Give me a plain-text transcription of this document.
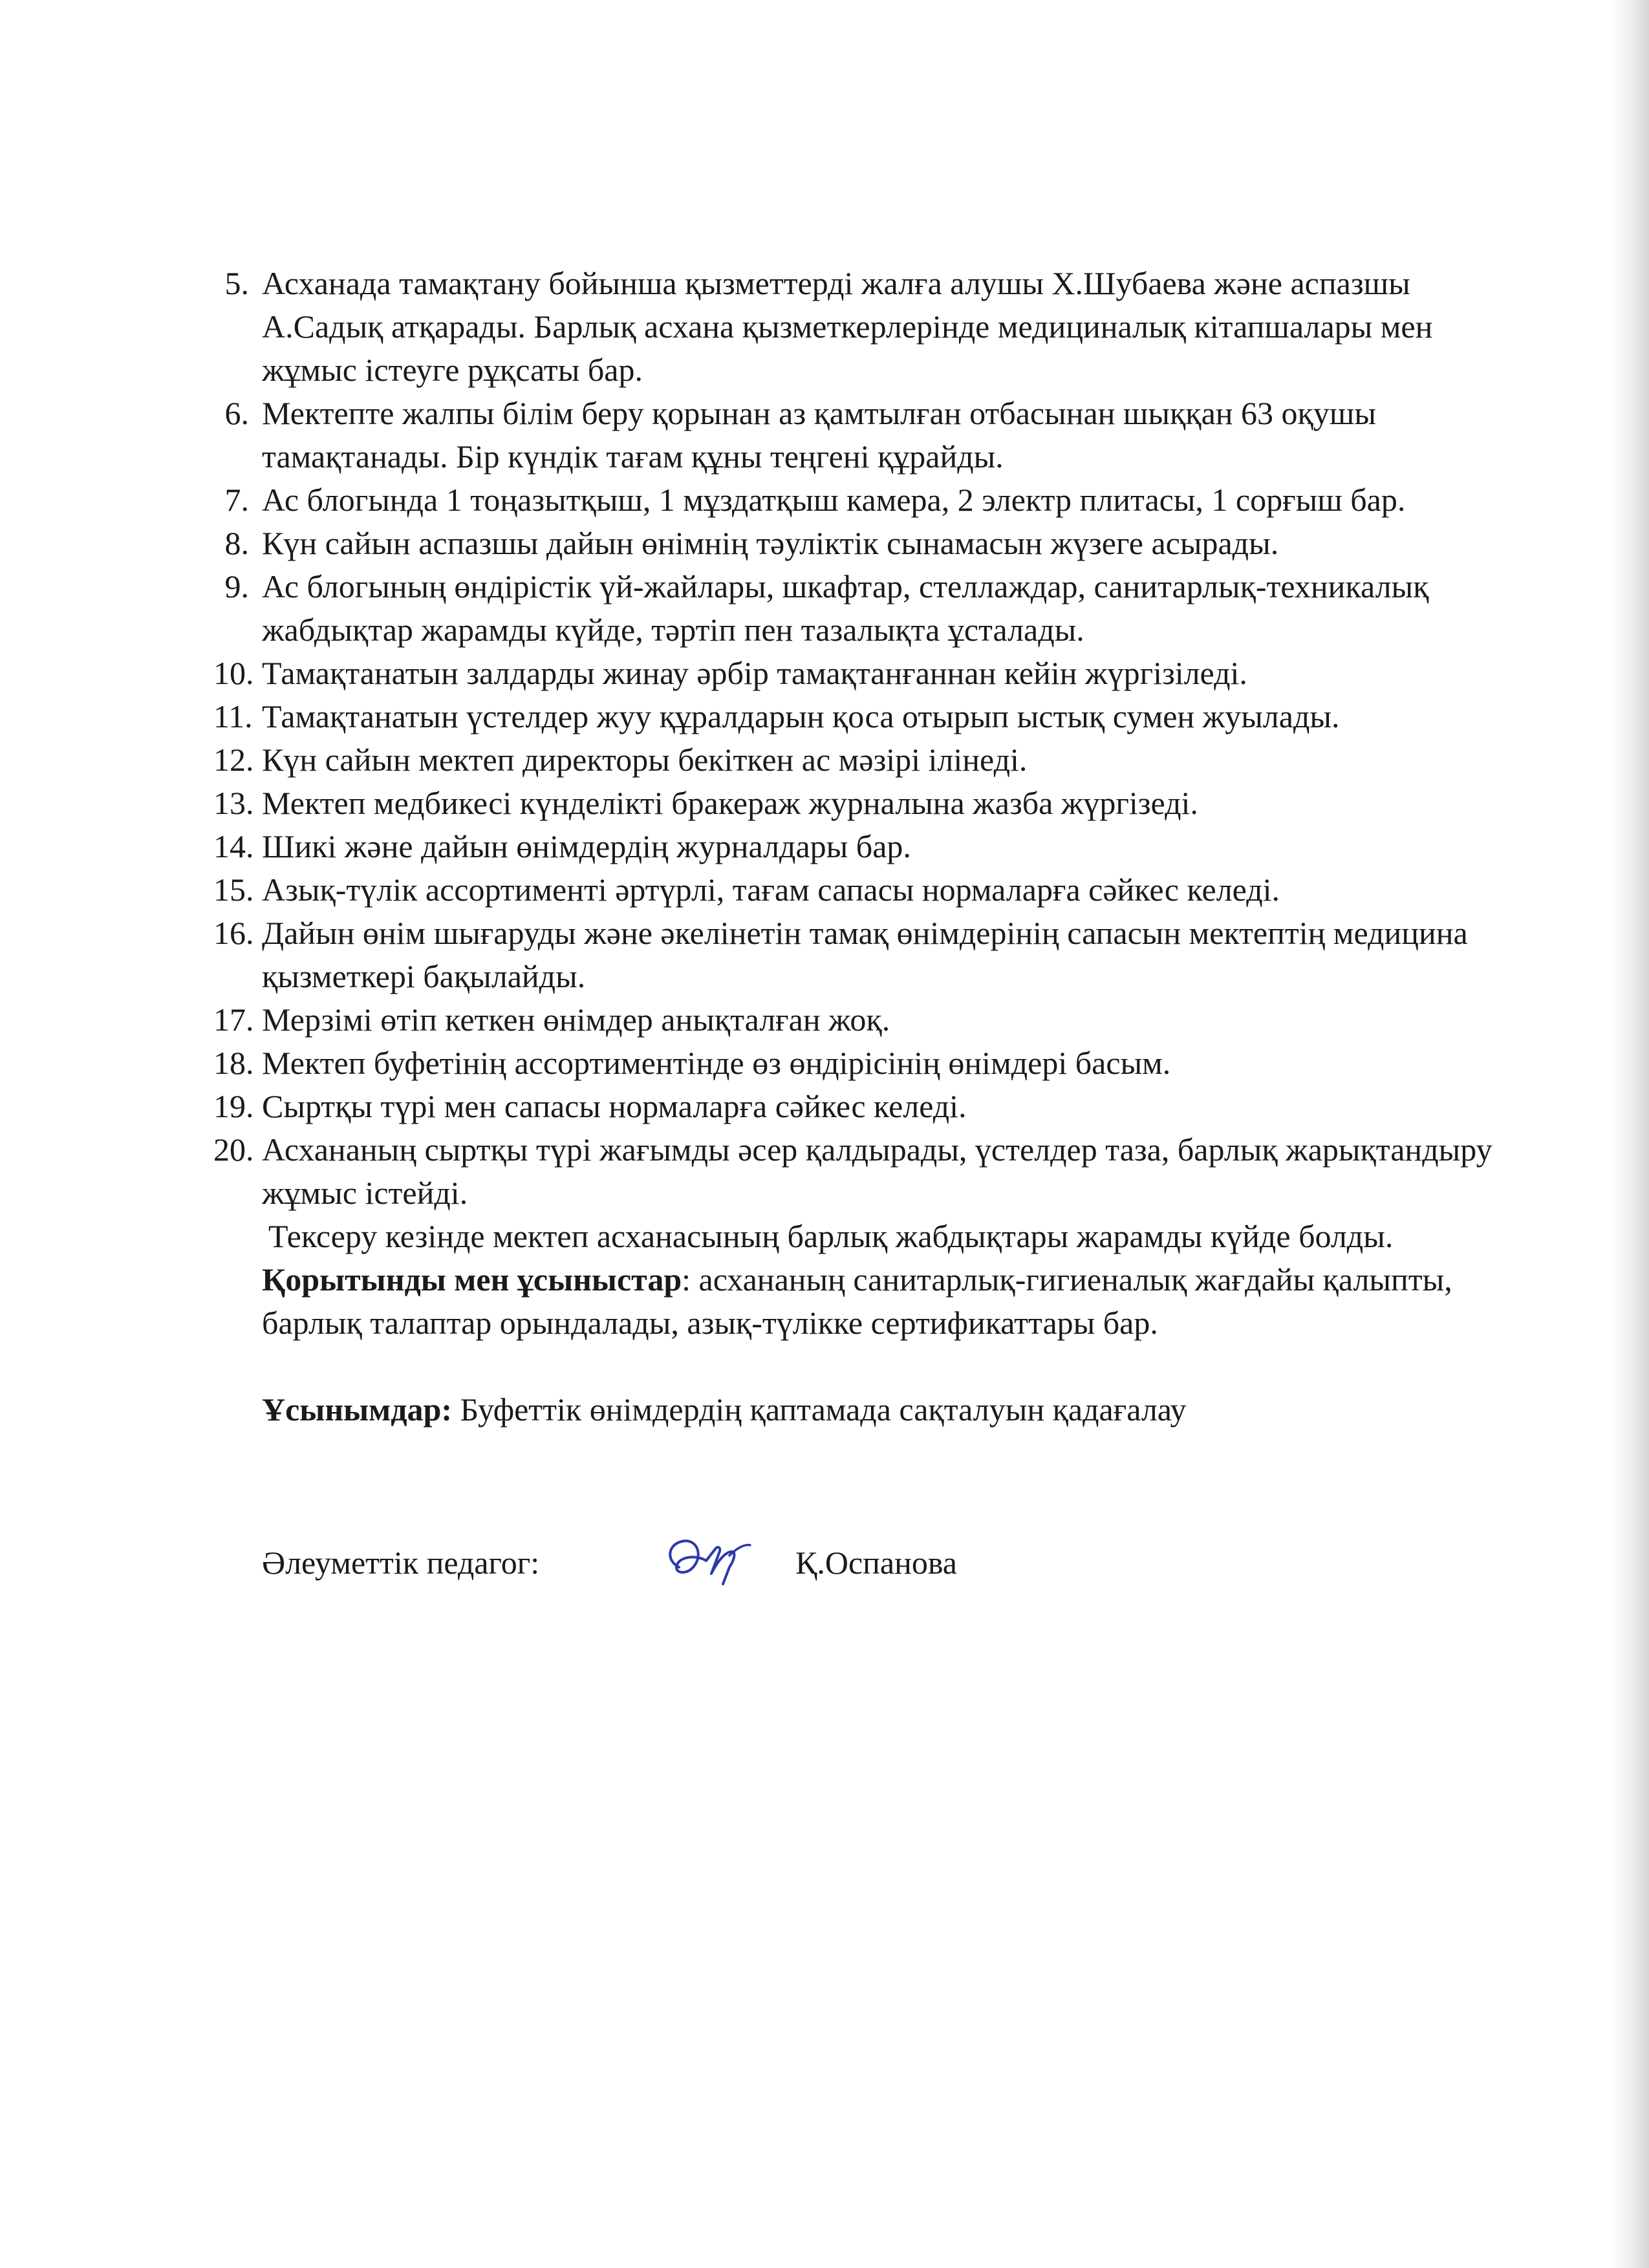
5. Асханада тамақтану бойынша қызметтерді жалға алушы Х.Шубаева және аспазшы А.Садық атқарады. Барлық асхана қызметкерлерінде медициналық кітапшалары мен жұмыс істеуге рұқсаты бар.

6. Мектепте жалпы білім беру қорынан аз қамтылған отбасынан шыққан 63 оқушы тамақтанады. Бір күндік тағам құны теңгені құрайды.

7. Ас блогында 1 тоңазытқыш, 1 мұздатқыш камера, 2 электр плитасы, 1 сорғыш бар.

8. Күн сайын аспазшы дайын өнімнің тәуліктік сынамасын жүзеге асырады.

9. Ас блогының өндірістік үй-жайлары, шкафтар, стеллаждар, санитарлық-техникалық жабдықтар жарамды күйде, тәртіп пен тазалықта ұсталады.

10. Тамақтанатын залдарды жинау әрбір тамақтанғаннан кейін жүргізіледі.

11. Тамақтанатын үстелдер жуу құралдарын қоса отырып ыстық сумен жуылады.

12. Күн сайын мектеп директоры бекіткен ас мәзірі ілінеді.

13. Мектеп медбикесі күнделікті бракераж журналына жазба жүргізеді.

14. Шикі және дайын өнімдердің журналдары бар.

15. Азық-түлік ассортименті әртүрлі, тағам сапасы нормаларға сәйкес келеді.

16. Дайын өнім шығаруды және әкелінетін тамақ өнімдерінің сапасын мектептің медицина қызметкері бақылайды.

17. Мерзімі өтіп кеткен өнімдер анықталған жоқ.

18. Мектеп буфетінің ассортиментінде өз өндірісінің өнімдері басым.

19. Сыртқы түрі мен сапасы нормаларға сәйкес келеді.

20. Асхананың сыртқы түрі жағымды әсер қалдырады, үстелдер таза, барлық жарықтандыру жұмыс істейді.

Тексеру кезінде мектеп асханасының барлық жабдықтары жарамды күйде болды.

Қорытынды мен ұсыныстар: асхананың санитарлық-гигиеналық жағдайы қалыпты, барлық талаптар орындалады, азық-түлікке сертификаттары бар.

Ұсынымдар: Буфеттік өнімдердің қаптамада сақталуын қадағалау

Әлеуметтік педагог:	Қ.Оспанова
